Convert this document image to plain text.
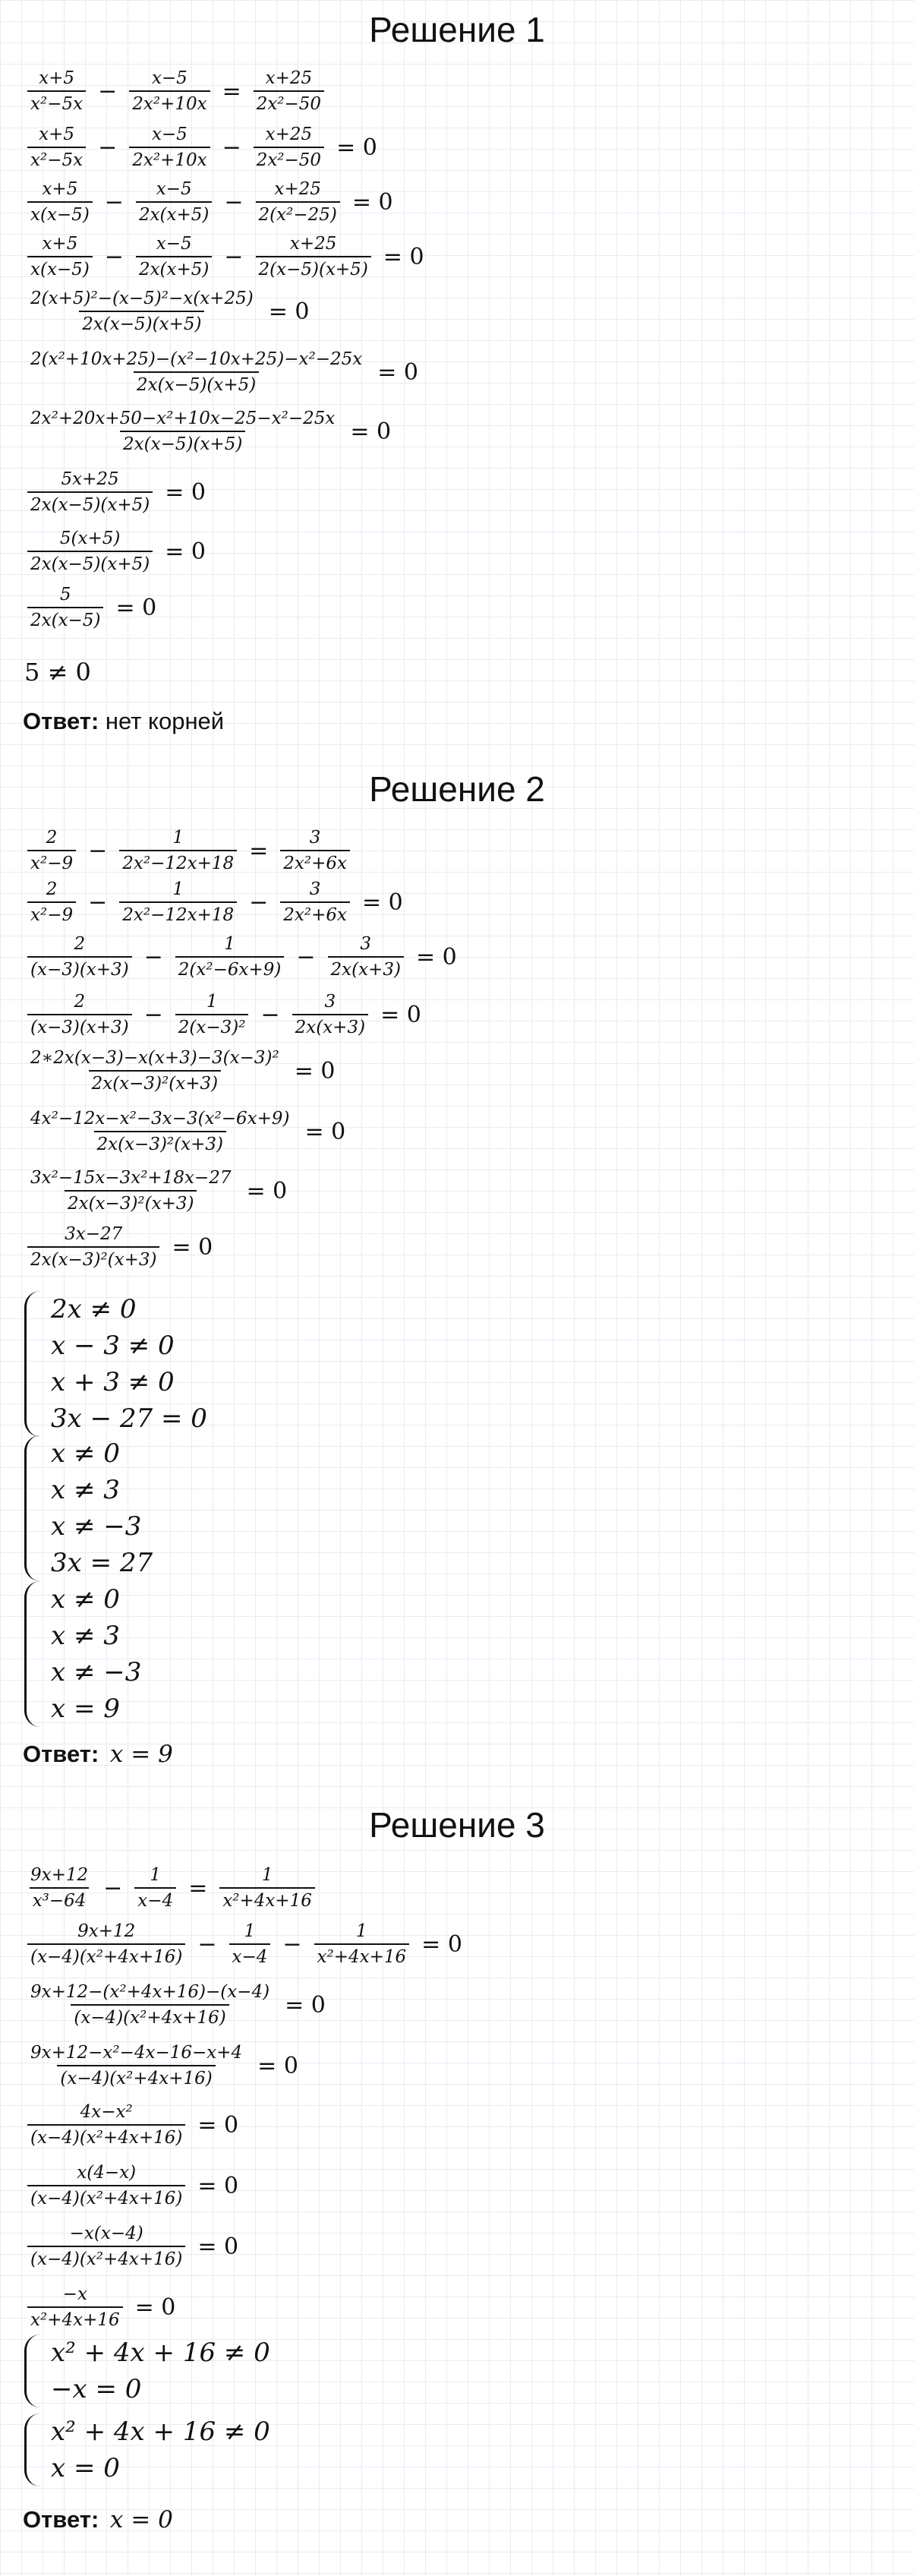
Решение 1
$\frac{x+5}{\text{x²−5x}} - \frac{x-5}{\text{2x²+10x}} = \frac{x+25}{\text{2x²−50}}$
$\frac{x+5}{\text{x²−5x}} - \frac{x-5}{\text{2x²+10x}} - \frac{x+25}{\text{2x²−50}} = 0$
$\frac{x+5}{x(x-5)} - \frac{x-5}{2x(x+5)} - \frac{x+25}{\text{2(x²−25)}} = 0$
$\frac{x+5}{x(x-5)} - \frac{x-5}{2x(x+5)} - \frac{x+25}{2(x-5)(x+5)} = 0$
$\frac{\text{2(x+5)²−(x−5)²−x(x+25)}}{2x(x-5)(x+5)} = 0$
$\frac{\text{2(x²+10x+25)−(x²−10x+25)−x²−25x}}{2x(x-5)(x+5)} = 0$
$\frac{\text{2x²+20x+50−x²+10x−25−x²−25x}}{2x(x-5)(x+5)} = 0$
$\frac{5x+25}{2x(x-5)(x+5)} = 0$
$\frac{5(x+5)}{2x(x-5)(x+5)} = 0$
$\frac{5}{2x(x-5)} = 0$
5 ≠ 0
Ответ: нет корней
Решение 2
$\frac{2}{\text{x²−9}} - \frac{1}{\text{2x²−12x+18}} = \frac{3}{\text{2x²+6x}}$
$\frac{2}{\text{x²−9}} - \frac{1}{\text{2x²−12x+18}} - \frac{3}{\text{2x²+6x}} = 0$
$\frac{2}{(x-3)(x+3)} - \frac{1}{\text{2(x²−6x+9)}} - \frac{3}{2x(x+3)} = 0$
$\frac{2}{(x-3)(x+3)} - \frac{1}{\text{2(x−3)²}} - \frac{3}{2x(x+3)} = 0$
$\frac{\text{2∗2x(x−3)−x(x+3)−3(x−3)²}}{\text{2x(x−3)²(x+3)}} = 0$
$\frac{\text{4x²−12x−x²−3x−3(x²−6x+9)}}{\text{2x(x−3)²(x+3)}} = 0$
$\frac{\text{3x²−15x−3x²+18x−27}}{\text{2x(x−3)²(x+3)}} = 0$
$\frac{3x-27}{\text{2x(x−3)²(x+3)}} = 0$
2x ≠ 0
x − 3 ≠ 0
x + 3 ≠ 0
3x − 27 = 0
x ≠ 0
x ≠ 3
x ≠ −3
3x = 27
x ≠ 0
x ≠ 3
x ≠ −3
x = 9
Ответ: x = 9
Решение 3
$\frac{9x+12}{\text{x³−64}} - \frac{1}{x-4} = \frac{1}{\text{x²+4x+16}}$
$\frac{9x+12}{\text{(x−4)(x²+4x+16)}} - \frac{1}{x-4} - \frac{1}{\text{x²+4x+16}} = 0$
$\frac{\text{9x+12−(x²+4x+16)−(x−4)}}{\text{(x−4)(x²+4x+16)}} = 0$
$\frac{\text{9x+12−x²−4x−16−x+4}}{\text{(x−4)(x²+4x+16)}} = 0$
$\frac{\text{4x−x²}}{\text{(x−4)(x²+4x+16)}} = 0$
$\frac{x(4-x)}{\text{(x−4)(x²+4x+16)}} = 0$
$\frac{-x(x-4)}{\text{(x−4)(x²+4x+16)}} = 0$
$\frac{-x}{\text{x²+4x+16}} = 0$
x² + 4x + 16 ≠ 0
−x = 0
x² + 4x + 16 ≠ 0
x = 0
Ответ: x = 0
